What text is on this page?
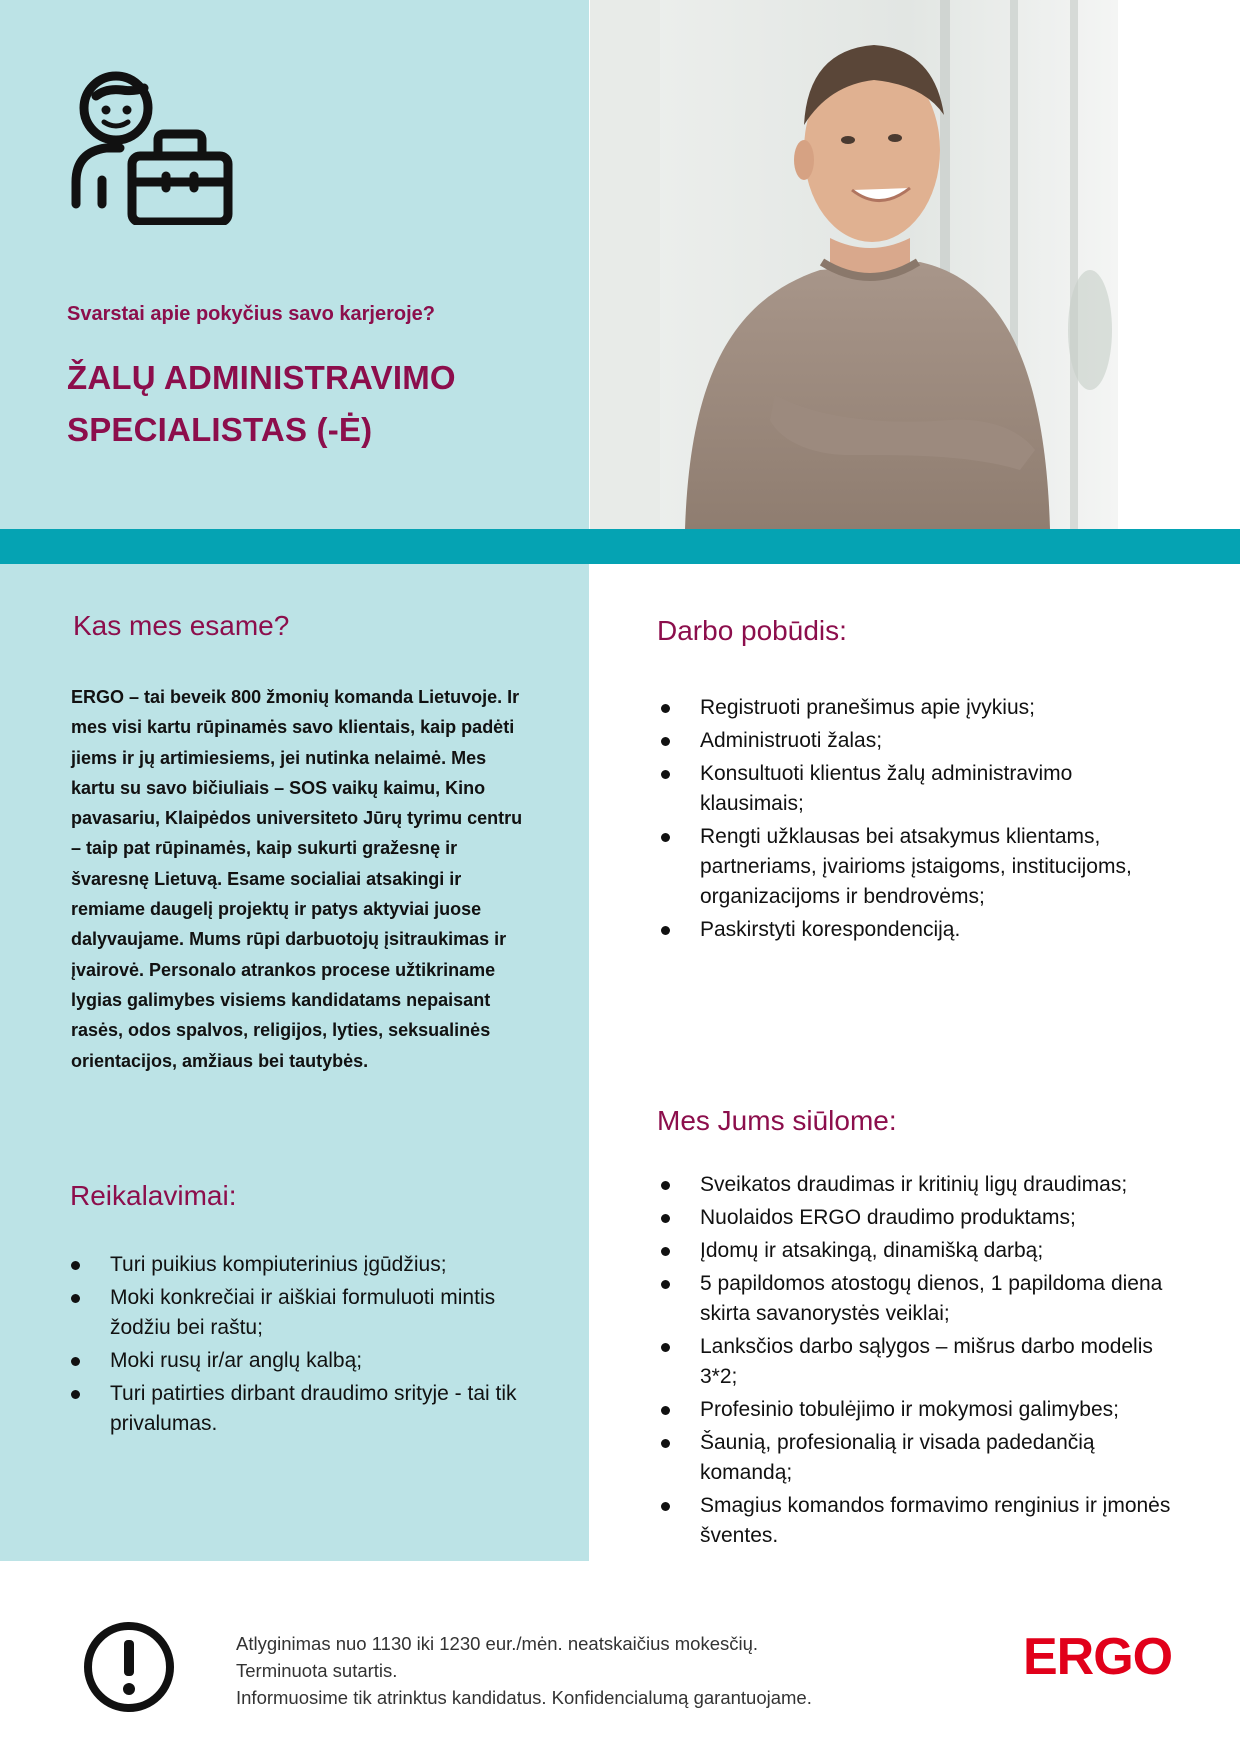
Svarstai apie pokyčius savo karjeroje?
ŽALŲ ADMINISTRAVIMO
SPECIALISTAS (-Ė)
Kas mes esame?

ERGO – tai beveik 800 žmonių komanda Lietuvoje. Ir mes visi kartu rūpinamės savo klientais, kaip padėti jiems ir jų artimiesiems, jei nutinka nelaimė. Mes kartu su savo bičiuliais – SOS vaikų kaimu, Kino pavasariu, Klaipėdos universiteto Jūrų tyrimu centru – taip pat rūpinamės, kaip sukurti gražesnę ir švaresnę Lietuvą. Esame socialiai atsakingi ir remiame daugelį projektų ir patys aktyviai juose dalyvaujame. Mums rūpi darbuotojų įsitraukimas ir įvairovė. Personalo atrankos procese užtikriname lygias galimybes visiems kandidatams nepaisant rasės, odos spalvos, religijos, lyties, seksualinės orientacijos, amžiaus bei tautybės.

Reikalavimai:
Turi puikius kompiuterinius įgūdžius;
Moki konkrečiai ir aiškiai formuluoti mintis žodžiu bei raštu;
Moki rusų ir/ar anglų kalbą;
Turi patirties dirbant draudimo srityje - tai tik privalumas.
Darbo pobūdis:
Registruoti pranešimus apie įvykius;
Administruoti žalas;
Konsultuoti klientus žalų administravimo klausimais;
Rengti užklausas bei atsakymus klientams, partneriams, įvairioms įstaigoms, institucijoms, organizacijoms ir bendrovėms;
Paskirstyti korespondenciją.
Mes Jums siūlome:
Sveikatos draudimas ir kritinių ligų draudimas;
Nuolaidos ERGO draudimo produktams;
Įdomų ir atsakingą, dinamišką darbą;
5 papildomos atostogų dienos, 1 papildoma diena skirta savanorystės veiklai;
Lanksčios darbo sąlygos – mišrus darbo modelis 3*2;
Profesinio tobulėjimo ir mokymosi galimybes;
Šaunią, profesionalią ir visada padedančią komandą;
Smagius komandos formavimo renginius ir įmonės šventes.
Atlyginimas nuo 1130 iki 1230 eur./mėn. neatskaičius mokesčių.
Terminuota sutartis.
Informuosime tik atrinktus kandidatus. Konfidencialumą garantuojame.
ERGO
